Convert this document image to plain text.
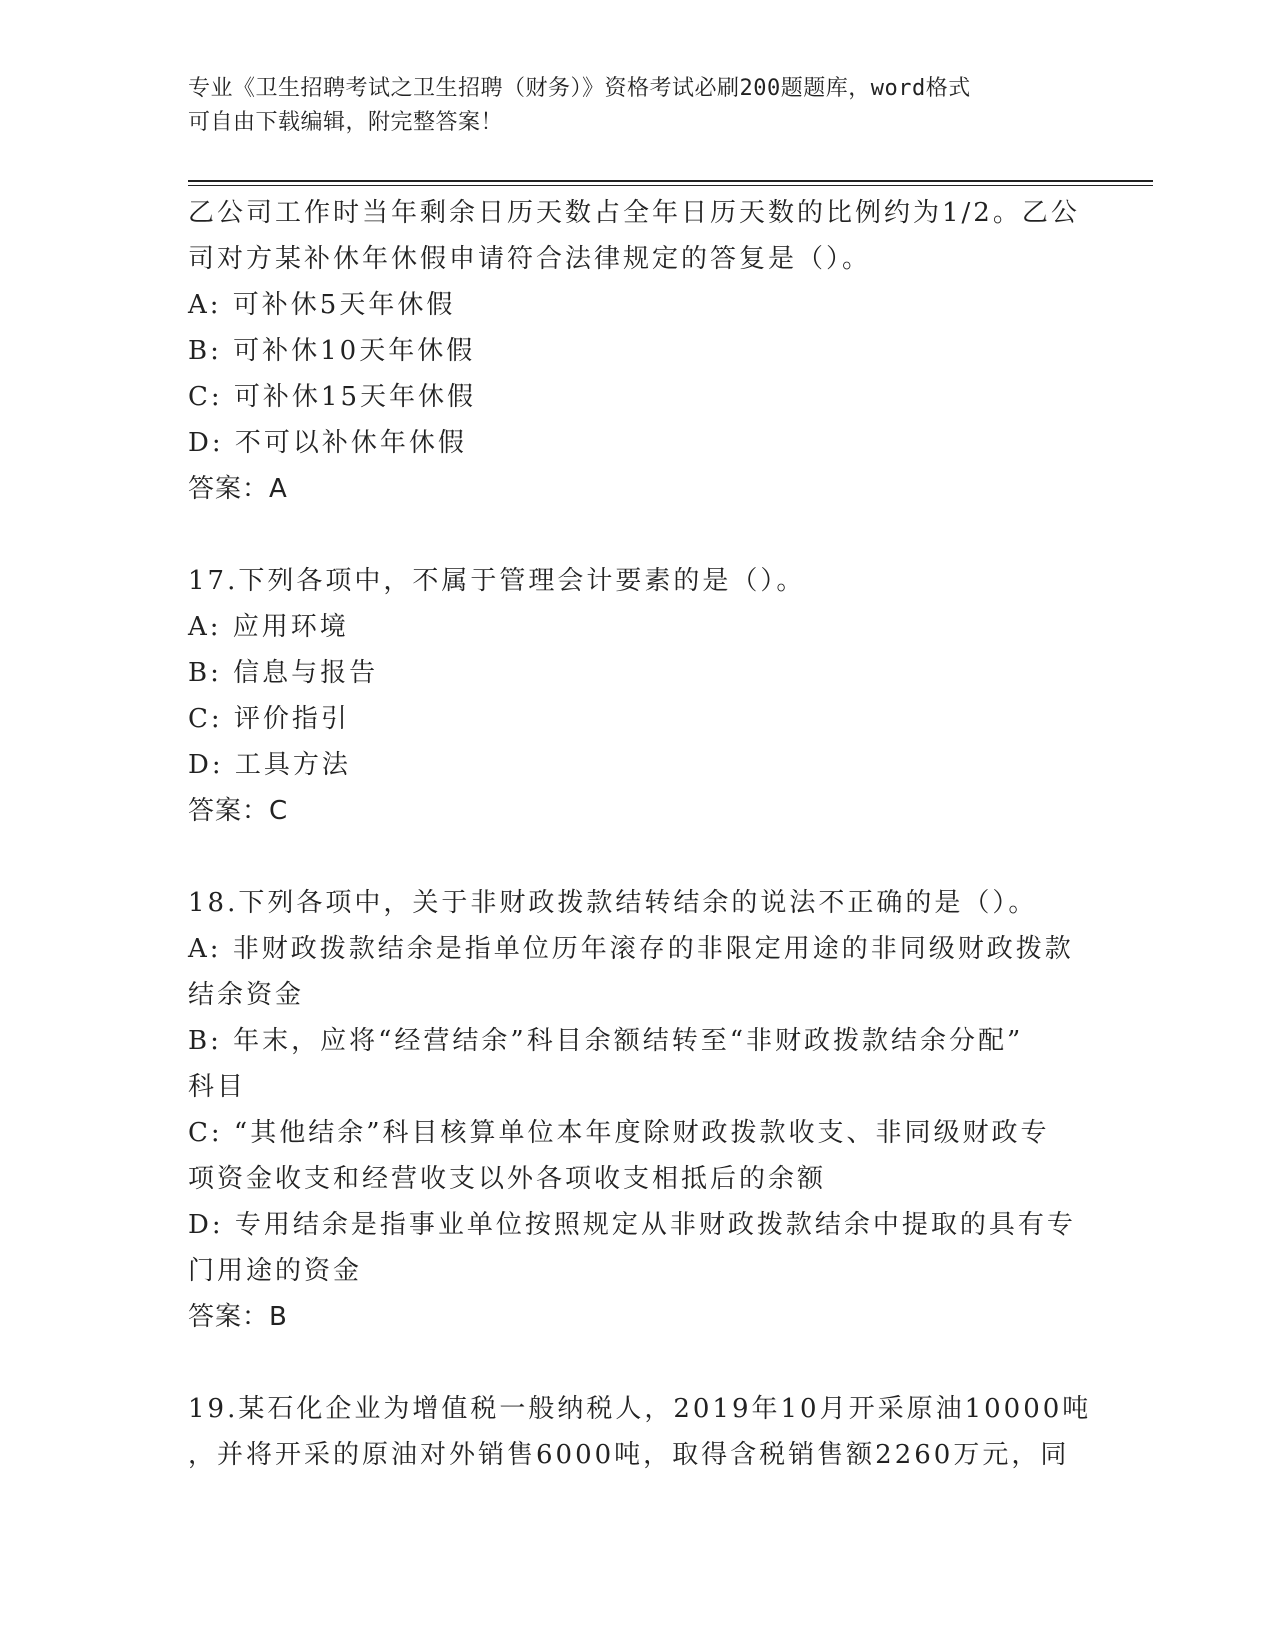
专业《卫生招聘考试之卫生招聘（财务）》资格考试必刷200题题库，word格式
可自由下载编辑，附完整答案！
乙公司工作时当年剩余日历天数占全年日历天数的比例约为1/2。乙公
司对方某补休年休假申请符合法律规定的答复是（）。
A: 可补休5天年休假
B: 可补休10天年休假
C: 可补休15天年休假
D: 不可以补休年休假
答案：A
17.下列各项中，不属于管理会计要素的是（）。
A: 应用环境
B: 信息与报告
C: 评价指引
D: 工具方法
答案：C
18.下列各项中，关于非财政拨款结转结余的说法不正确的是（）。
A: 非财政拨款结余是指单位历年滚存的非限定用途的非同级财政拨款
结余资金
B: 年末，应将“经营结余”科目余额结转至“非财政拨款结余分配”
科目
C: “其他结余”科目核算单位本年度除财政拨款收支、非同级财政专
项资金收支和经营收支以外各项收支相抵后的余额
D: 专用结余是指事业单位按照规定从非财政拨款结余中提取的具有专
门用途的资金
答案：B
19.某石化企业为增值税一般纳税人，2019年10月开采原油10000吨
，并将开采的原油对外销售6000吨，取得含税销售额2260万元，同
